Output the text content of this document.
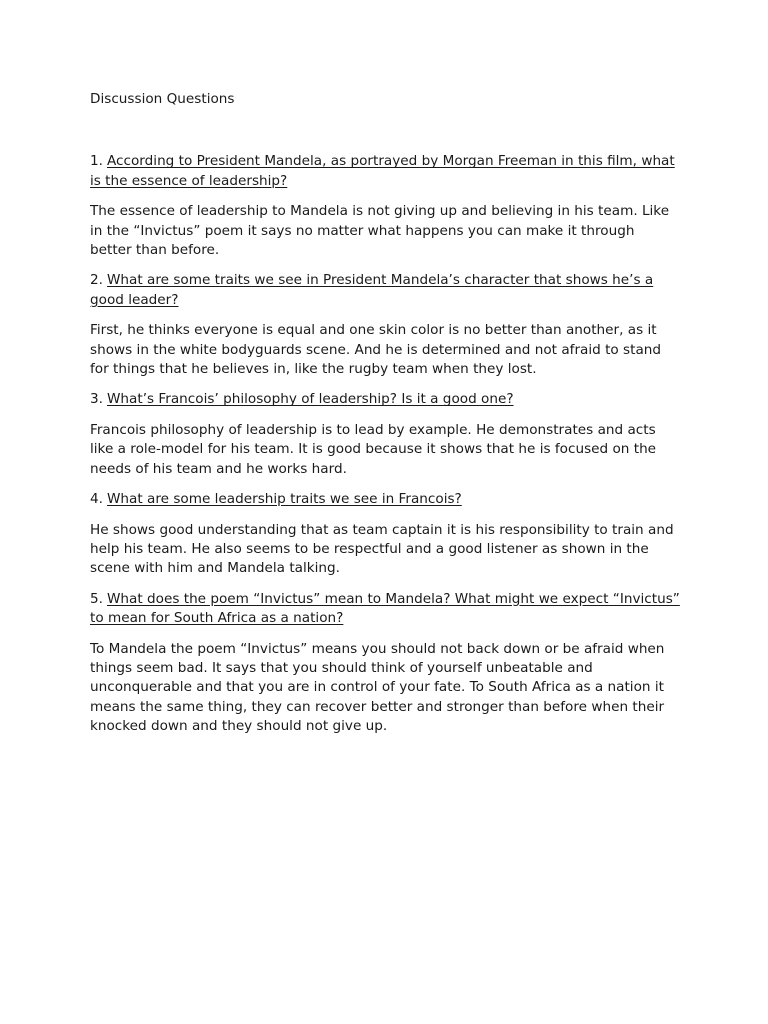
Discussion Questions

1. According to President Mandela, as portrayed by Morgan Freeman in this film, what is the essence of leadership?

The essence of leadership to Mandela is not giving up and believing in his team. Like in the “Invictus” poem it says no matter what happens you can make it through better than before.

2. What are some traits we see in President Mandela’s character that shows he’s a good leader?

First, he thinks everyone is equal and one skin color is no better than another, as it shows in the white bodyguards scene. And he is determined and not afraid to stand for things that he believes in, like the rugby team when they lost.

3. What’s Francois’ philosophy of leadership? Is it a good one?

Francois philosophy of leadership is to lead by example. He demonstrates and acts like a role-model for his team. It is good because it shows that he is focused on the needs of his team and he works hard.

4. What are some leadership traits we see in Francois?

He shows good understanding that as team captain it is his responsibility to train and help his team. He also seems to be respectful and a good listener as shown in the scene with him and Mandela talking.

5. What does the poem “Invictus” mean to Mandela? What might we expect “Invictus” to mean for South Africa as a nation?

To Mandela the poem “Invictus” means you should not back down or be afraid when things seem bad. It says that you should think of yourself unbeatable and unconquerable and that you are in control of your fate. To South Africa as a nation it means the same thing, they can recover better and stronger than before when their knocked down and they should not give up.
